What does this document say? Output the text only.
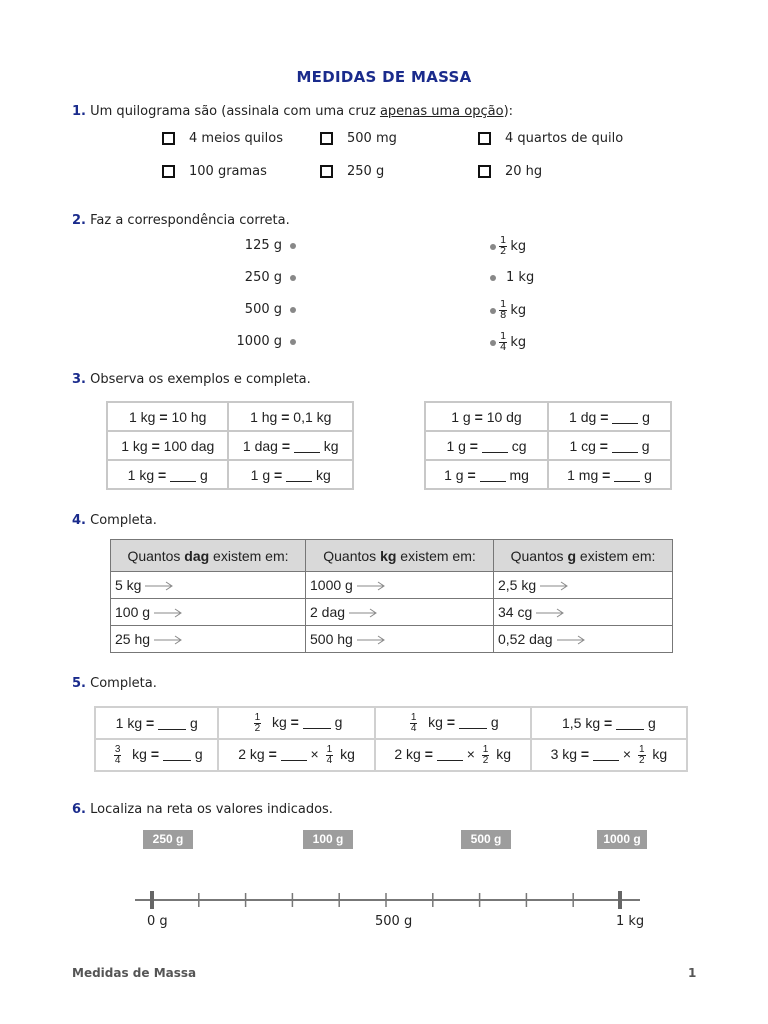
MEDIDAS DE MASSA
1. Um quilograma são (assinala com uma cruz apenas uma opção):
4 meios quilos	500 mg	4 quartos de quilo
100 gramas	250 g	20 hg
2. Faz a correspondência correta.
125 g
250 g
500 g
1000 g
$\frac{1}{2}$ kg
1
kg
$\frac{1}{8}$ kg
$\frac{1}{4}$ kg
3. Observa os exemplos e completa.
1 kg = 10 hg	1 hg = 0,1 kg
1 kg = 100 dag	1 dag = kg
1 kg = g	1 g = kg
1 g = 10 dg	1 dg = g
1 g = cg	1 cg = g
1 g = mg	1 mg = g
4. Completa.
Quantos dag existem em:	Quantos kg existem em:	Quantos g existem em:
5 kg	1000 g	2,5 kg
100 g	2 dag	34 cg
25 hg	500 hg	0,52 dag
5. Completa.
1 kg = g	$\frac{1}{2}$ kg = g	$\frac{1}{4}$ kg = g	1,5 kg = g

$\frac{3}{4}$ kg = g	2 kg = × $\frac{1}{4}$ kg	2 kg = × $\frac{1}{2}$ kg	3 kg = × $\frac{1}{2}$ kg
6. Localiza na reta os valores indicados.
250 g	100 g	500 g	1000 g
0 g	500 g	1 kg
Medidas de Massa	1
